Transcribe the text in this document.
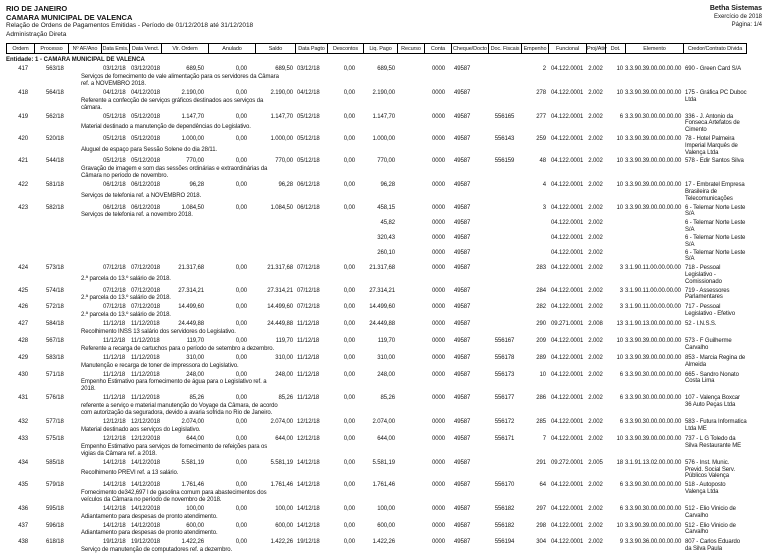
RIO DE JANEIRO
CAMARA MUNICIPAL DE VALENCA
Relação de Ordens de Pagamentos Emitidas - Período de 01/12/2018 até 31/12/2018
Administração Direta
Betha Sistemas
Exercício de 2018
Página: 1/4
Ordem	Processo	Nº AF/Ano Data Emis. Data Venct.	Vlr. Ordem	Anulado	Saldo	Data Pagto	Descontos	Liq. Pago	Recurso	Conta	Cheque/Docto Doc. Fiscais Empenho	Funcional	Proj/Ativ Dot.	Elemento	Credor/Contrato Dívida
Entidade: 1 - CAMARA MUNICIPAL DE VALENCA
417	563/18	03/12/18 03/12/2018	689,50	0,00	689,50 03/12/18	0,00	689,50	0000	49587	2 04.122.0001 2.002	10 3.3.90.39.00.00.00.00 690 - Green Card S/A
Serviços de fornecimento de vale alimentação para os servidores da Câmara
ref. a NOVEMBRO 2018.
418	564/18	04/12/18 04/12/2018	2.190,00	0,00	2.190,00 04/12/18	0,00	2.190,00	0000	49587	278 04.122.0001 2.002	10 3.3.90.39.00.00.00.00 175 - Gráfica PC Duboc Ltda
Referente a confecção de serviços gráficos destinados aos serviços da
câmara.
419	562/18	05/12/18 05/12/2018	1.147,70	0,00	1.147,70 05/12/18	0,00	1.147,70	0000	49587	556165	277 04.122.0001 2.002	6 3.3.90.30.00.00.00.00 336 - J. Antonio da Fonseca Artefatos de Cimento
Material destinado a manutenção de dependências do Legislativo.
420	520/18	05/12/18 05/12/2018	1.000,00	0,00	1.000,00 05/12/18	0,00	1.000,00	0000	49587	556143	259 04.122.0001 2.002	10 3.3.90.39.00.00.00.00 78 - Hotel Palmeira Imperial Marquês de Valença Ltda
Aluguel de espaço para Sessão Solene do dia 28/11.
421	544/18	05/12/18 05/12/2018	770,00	0,00	770,00 05/12/18	0,00	770,00	0000	49587	556159	48 04.122.0001 2.002	10 3.3.90.39.00.00.00.00 578 - Edir Santos Silva
Gravação de imagem e som das sessões ordinárias e extraordinárias da
Câmara no período de novembro.
422	581/18	06/12/18 06/12/2018	96,28	0,00	96,28 06/12/18	0,00	96,28	0000	49587	4 04.122.0001 2.002	10 3.3.90.39.00.00.00.00 17 - Embratel Empresa Brasileira de Telecomunicações
Serviços de telefonia ref. a NOVEMBRO 2018.
423	582/18	06/12/18 06/12/2018	1.084,50	0,00	1.084,50 06/12/18	0,00	458,15	0000	49587	3 04.122.0001 2.002	10 3.3.90.39.00.00.00.00 6 - Telemar Norte Leste S/A
Serviços de telefonia ref. a novembro 2018.
45,82	0000	49587	04.122.0001 2.002	6 - Telemar Norte Leste S/A
320,43	0000	49587	04.122.0001 2.002	6 - Telemar Norte Leste S/A
260,10	0000	49587	04.122.0001 2.002	6 - Telemar Norte Leste S/A
424	573/18	07/12/18 07/12/2018	21.317,68	0,00	21.317,68 07/12/18	0,00	21.317,68	0000	49587	283 04.122.0001 2.002	3 3.1.90.11.00.00.00.00 718 - Pessoal Legislativo - Comissionado
2.ª parcela do 13.º salário de 2018.
425	574/18	07/12/18 07/12/2018	27.314,21	0,00	27.314,21 07/12/18	0,00	27.314,21	0000	49587	284 04.122.0001 2.002	3 3.1.90.11.00.00.00.00 719 - Assessores Parlamentares
2.ª parcela do 13.º salário de 2018.
426	572/18	07/12/18 07/12/2018	14.499,60	0,00	14.499,60 07/12/18	0,00	14.499,60	0000	49587	282 04.122.0001 2.002	3 3.1.90.11.00.00.00.00 717 - Pessoal Legislativo - Efetivo
2.ª parcela do 13.º salário de 2018.
427	584/18	11/12/18 11/12/2018	24.449,88	0,00	24.449,88 11/12/18	0,00	24.449,88	0000	49587	290 09.271.0001 2.008	13 3.1.90.13.00.00.00.00 52 - I.N.S.S.
Recolhimento INSS 13 salário dos servidores do Legislativo.
428	567/18	11/12/18 11/12/2018	119,70	0,00	119,70 11/12/18	0,00	119,70	0000	49587	556167	209 04.122.0001 2.002	10 3.3.90.39.00.00.00.00 573 - F Guilherme Carvalho
Referente a recarga de cartuchos para o período de setembro a dezembro.
429	583/18	11/12/18 11/12/2018	310,00	0,00	310,00 11/12/18	0,00	310,00	0000	49587	556178	289 04.122.0001 2.002	10 3.3.90.39.00.00.00.00 853 - Marcia Regina de Almeida
Manutenção e recarga de toner de impressora do Legislativo.
430	571/18	11/12/18 11/12/2018	248,00	0,00	248,00 11/12/18	0,00	248,00	0000	49587	556173	10 04.122.0001 2.002	6 3.3.90.30.00.00.00.00 665 - Sandro Nonato Costa Lima
Empenho Estimativo para fornecimento de água para o Legislativo ref. a
2018.
431	576/18	11/12/18 11/12/2018	85,26	0,00	85,26 11/12/18	0,00	85,26	0000	49587	556177	286 04.122.0001 2.002	6 3.3.90.30.00.00.00.00 107 - Valença Boxcar 36 Auto Peças Ltda
referente a serviço e material manutenção do Voyage da Câmara, de acordo
com autorização da seguradora, devido a avaria sofrida no Rio de Janeiro.
432	577/18	12/12/18 12/12/2018	2.074,00	0,00	2.074,00 12/12/18	0,00	2.074,00	0000	49587	556172	285 04.122.0001 2.002	6 3.3.90.30.00.00.00.00 583 - Futura Informatica Ltda ME
Material destinado aos serviços do Legislativo.
433	575/18	12/12/18 12/12/2018	644,00	0,00	644,00 12/12/18	0,00	644,00	0000	49587	556171	7 04.122.0001 2.002	10 3.3.90.39.00.00.00.00 737 - L G Toledo da Silva Restaurante ME
Empenho Estimativo para serviços de fornecimento de refeições para os
vigias da Câmara ref. a 2018.
434	585/18	14/12/18 14/12/2018	5.581,19	0,00	5.581,19 14/12/18	0,00	5.581,19	0000	49587	291 09.272.0001 2.005	18 3.1.91.13.02.00.00.00 576 - Inst. Munic. Previd. Social Serv. Públicos Valença
Recolhimento PREVI ref. a 13 salário.
435	579/18	14/12/18 14/12/2018	1.761,46	0,00	1.761,46 14/12/18	0,00	1.761,46	0000	49587	556170	64 04.122.0001 2.002	6 3.3.90.30.00.00.00.00 518 - Autoposto Valença Ltda
Fornecimento de342,697 l de gasolina comum para abastecimentos dos
veículos da Câmara no período de novembro de 2018.
436	595/18	14/12/18 14/12/2018	100,00	0,00	100,00 14/12/18	0,00	100,00	0000	49587	556182	297 04.122.0001 2.002	6 3.3.90.30.00.00.00.00 512 - Elio Vinicio de Carvalho
Adiantamento para despesas de pronto atendimento.
437	596/18	14/12/18 14/12/2018	600,00	0,00	600,00 14/12/18	0,00	600,00	0000	49587	556182	298 04.122.0001 2.002	10 3.3.90.39.00.00.00.00 512 - Elio Vinicio de Carvalho
Adiantamento para despesas de pronto atendimento.
438	618/18	19/12/18 19/12/2018	1.422,26	0,00	1.422,26 19/12/18	0,00	1.422,26	0000	49587	556194	304 04.122.0001 2.002	9 3.3.90.36.00.00.00.00 807 - Carlos Eduardo da Silva Paula
Serviço de manutenção de computadores ref. a dezembro.
